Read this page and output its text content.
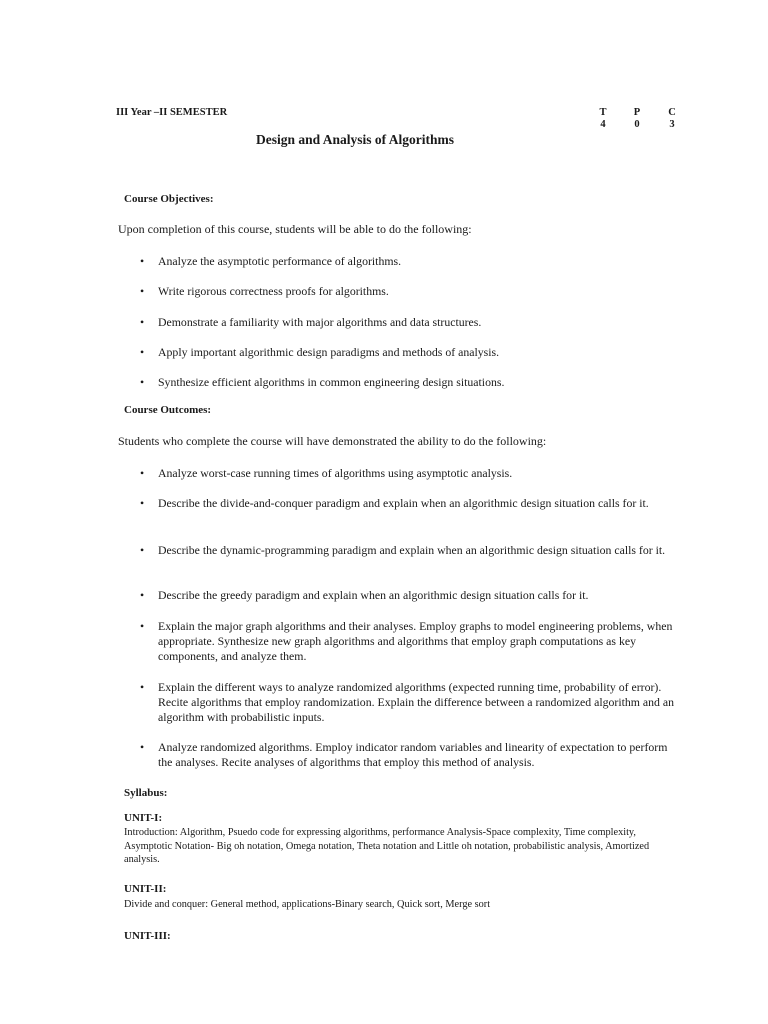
III Year –II SEMESTER	T
4
P
0
C
3
Design and Analysis of Algorithms
Course Objectives:
Upon completion of this course, students will be able to do the following:
• Analyze the asymptotic performance of algorithms.
• Write rigorous correctness proofs for algorithms.
• Demonstrate a familiarity with major algorithms and data structures.
• Apply important algorithmic design paradigms and methods of analysis.
• Synthesize efficient algorithms in common engineering design situations.
Course Outcomes:
Students who complete the course will have demonstrated the ability to do the following:
• Analyze worst-case running times of algorithms using asymptotic analysis.
• Describe the divide-and-conquer paradigm and explain when an algorithmic design situation calls for it.
• Describe the dynamic-programming paradigm and explain when an algorithmic design situation calls for it.
• Describe the greedy paradigm and explain when an algorithmic design situation calls for it.
• Explain the major graph algorithms and their analyses. Employ graphs to model engineering problems, when appropriate. Synthesize new graph algorithms and algorithms that employ graph computations as key components, and analyze them.
• Explain the different ways to analyze randomized algorithms (expected running time, probability of error). Recite algorithms that employ randomization. Explain the difference between a randomized algorithm and an algorithm with probabilistic inputs.
• Analyze randomized algorithms. Employ indicator random variables and linearity of expectation to perform the analyses. Recite analyses of algorithms that employ this method of analysis.
Syllabus:
UNIT-I:
Introduction: Algorithm, Psuedo code for expressing algorithms, performance Analysis-Space complexity, Time complexity, Asymptotic Notation- Big oh notation, Omega notation, Theta notation and Little oh notation, probabilistic analysis, Amortized analysis.
UNIT-II:
Divide and conquer: General method, applications-Binary search, Quick sort, Merge sort
UNIT-III:
